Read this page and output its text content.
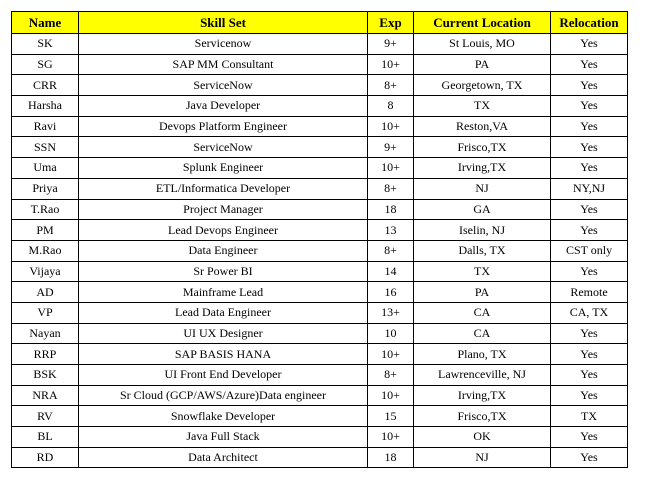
Name	Skill Set	Exp	Current Location	Relocation
SK	Servicenow	9+	St Louis, MO	Yes
SG	SAP MM Consultant	10+	PA	Yes
CRR	ServiceNow	8+	Georgetown, TX	Yes
Harsha	Java Developer	8	TX	Yes
Ravi	Devops Platform Engineer	10+	Reston,VA	Yes
SSN	ServiceNow	9+	Frisco,TX	Yes
Uma	Splunk Engineer	10+	Irving,TX	Yes
Priya	ETL/Informatica Developer	8+	NJ	NY,NJ
T.Rao	Project Manager	18	GA	Yes
PM	Lead Devops Engineer	13	Iselin, NJ	Yes
M.Rao	Data Engineer	8+	Dalls, TX	CST only
Vijaya	Sr Power BI	14	TX	Yes
AD	Mainframe Lead	16	PA	Remote
VP	Lead Data Engineer	13+	CA	CA, TX
Nayan	UI UX Designer	10	CA	Yes
RRP	SAP BASIS HANA	10+	Plano, TX	Yes
BSK	UI Front End Developer	8+	Lawrenceville, NJ	Yes
NRA	Sr Cloud (GCP/AWS/Azure)Data engineer	10+	Irving,TX	Yes
RV	Snowflake Developer	15	Frisco,TX	TX
BL	Java Full Stack	10+	OK	Yes
RD	Data Architect	18	NJ	Yes
